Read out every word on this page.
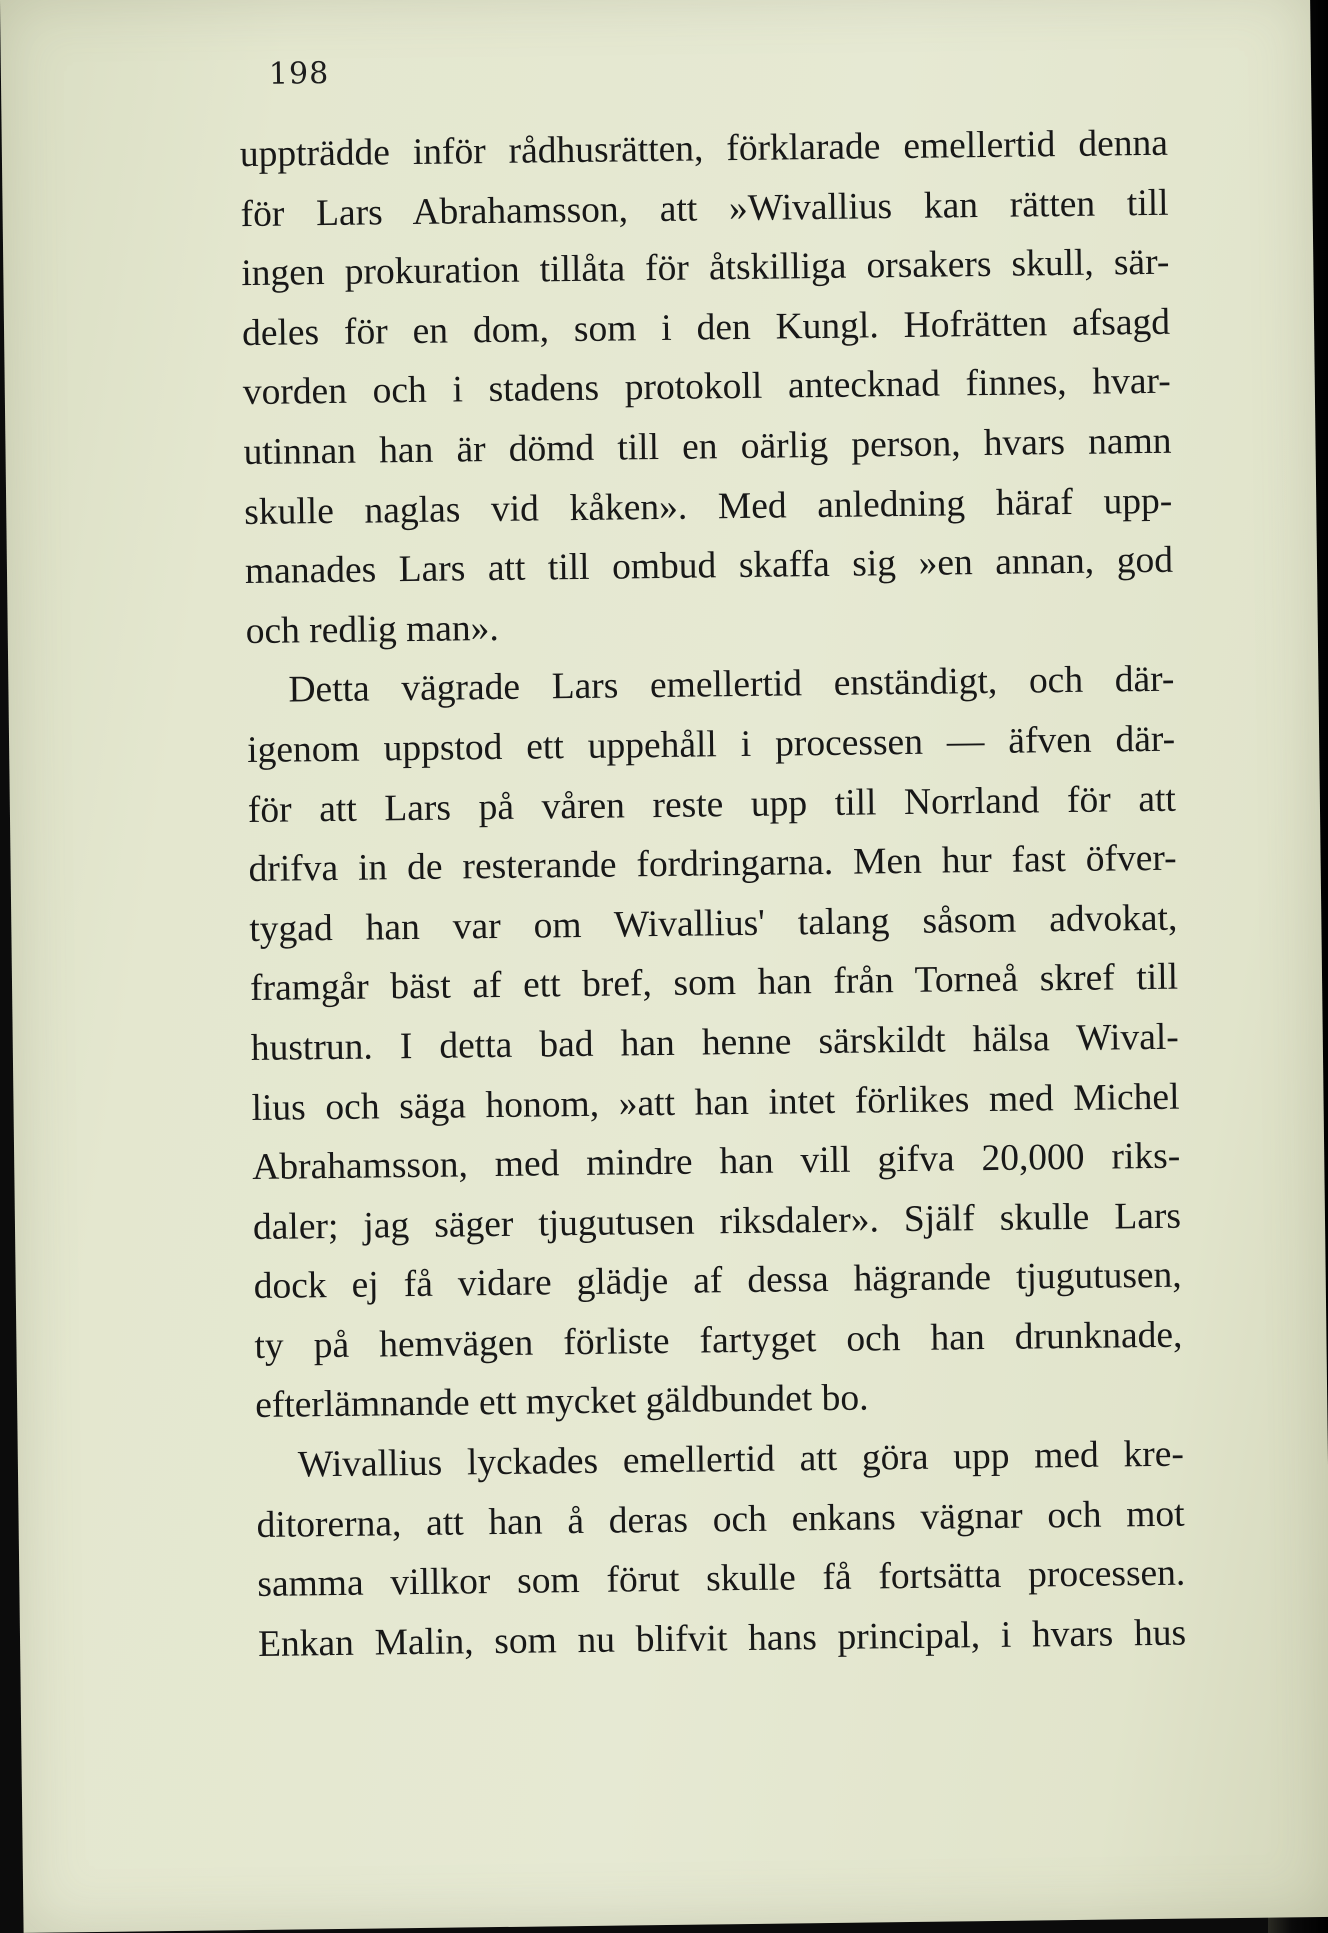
198
uppträdde inför rådhusrätten, förklarade emellertid denna
för Lars Abrahamsson, att »Wivallius kan rätten till
ingen prokuration tillåta för åtskilliga orsakers skull, sär-
deles för en dom, som i den Kungl. Hofrätten afsagd
vorden och i stadens protokoll antecknad finnes, hvar-
utinnan han är dömd till en oärlig person, hvars namn
skulle naglas vid kåken». Med anledning häraf upp-
manades Lars att till ombud skaffa sig »en annan, god
och redlig man».
Detta vägrade Lars emellertid enständigt, och där-
igenom uppstod ett uppehåll i processen — äfven där-
för att Lars på våren reste upp till Norrland för att
drifva in de resterande fordringarna. Men hur fast öfver-
tygad han var om Wivallius' talang såsom advokat,
framgår bäst af ett bref, som han från Torneå skref till
hustrun. I detta bad han henne särskildt hälsa Wival-
lius och säga honom, »att han intet förlikes med Michel
Abrahamsson, med mindre han vill gifva 20,000 riks-
daler; jag säger tjugutusen riksdaler». Själf skulle Lars
dock ej få vidare glädje af dessa hägrande tjugutusen,
ty på hemvägen förliste fartyget och han drunknade,
efterlämnande ett mycket gäldbundet bo.
Wivallius lyckades emellertid att göra upp med kre-
ditorerna, att han å deras och enkans vägnar och mot
samma villkor som förut skulle få fortsätta processen.
Enkan Malin, som nu blifvit hans principal, i hvars hus
